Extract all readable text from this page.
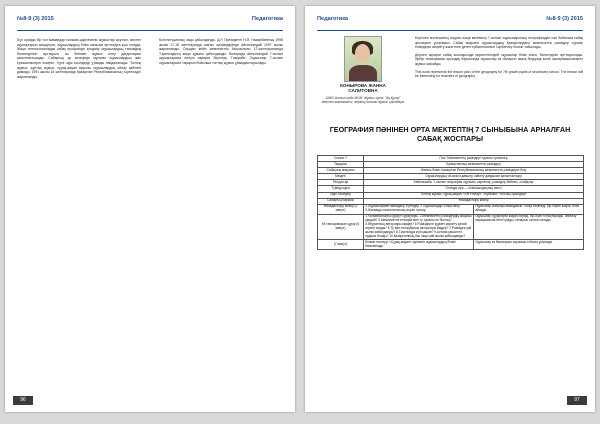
№8-9 (3) 2015	Педагогика
Бұл орайда бір топ мамандар ғылыми-әдістемелік жұмыстар жүргізіп, мектеп оқулықтарын жаңартуға, оқушылардың білім сапасын арттыруға күш салуда. Жаңа технологияларды сабақ процесінде қолдану оқушылардың танымдық белсенділігін арттырып, өз бетімен жұмыс істеу дағдыларын қалыптастырады. Сабақтың әр кезеңінде мұғалім оқушылардың жас ерекшеліктерін ескеріп, түрлі әдіс-тәсілдерді ұтымды пайдаланады. Топтық жұмыс, жұптық жұмыс, сұрақ-жауап арқылы оқушылардың ойлау қабілеті дамиды. 1991 жылы 16 желтоқсанда Қазақстан Республикасының тәуелсіздігі жарияланды.
Конституциялық заңы қабылданды. Д.Р. Президенті Н.Ә. Назарбаевтың 1998 жылы 17-18 желтоқсанда шағын шешімдерінде айтылғандай 1997 жылы жарияланды. Осыдан кейін мемлекеттік басшылығы 17-желтоқсанында Тәуелсіздіктің жаңа құжаты қабылданды. Жоғарыда айтылғандай 7-сынып оқушыларына елеулі ақпарат беріледі. Тәжірибе: Оқушылар 7-сынып оқушыларына тақырып бойынша топтық жұмыс ұйымдастырылады.
96
Педагогика	№8-9 (3) 2015
КОНЫРОВА ЖАННА САЛИТОВНА
ШЖО Алтын орда ЖОМ, Жұмыс орны: "Ақ Құлак" мектеп-гимназиясы, жерінің ғылыми жұмыс орындары

Берілген мәтінмәннің алдағы жаңа көлемінің 7-сынып оқушыларының географиядан пән бойынша сабақ жоспарын ұсынамыз. Сабақ мақсаты оқушылардың Қазақстандағы мемлекеттік рәміздер туралы білімдерін кеңейту және елге деген сүйіспеншілікті тәрбиелеу болып табылады.

Деректі ақпарат сабақ жоспарында көрсетілгендей оқушылар білім алып, белсенділігі арттырылады. Әрбір тапсырманы орындау барысында оқушылар өз ойларын ашық білдіреді және шығармашылықпен жұмыс жасайды.

This work represents the lesson plan of the geography for 7th grade pupils of secondary school. The lesson will be interesting for teachers of geography.

ГЕОГРАФИЯ ПӘНІНЕН ОРТА МЕКТЕПТІҢ 7 СЫНЫБЫНА АРНАЛҒАН САБАҚ ЖОСПАРЫ
Сынып 7	Пән: Мемлекеттің рәміздері туралы түсініктер	
Тақырып	Қазақстанның мемлекеттік рәміздері	
Сабақтың мақсаты	Жалпы білім: Қазақстан Республикасының мемлекеттік рәміздерін білу	
Міндеті	Оқушылардың ой-өрісін дамыту, сөйлеу дағдысын қалыптастыру	
Ресурстар	Бейнежазба: 7-сынып география оқулығы, карталар, рәміздер бейнесі, слайдтар	
Түйінді идея	Отанды сүю — отаншылдықтың негізі	
Әдіс-тәсілдер	Топтық жұмыс, сұрақ-жауап, «Ой толғау», «Кубизм», «Ыстық орындық»	
Сабақтың барысы	Ұйымдастыру кезеңі	
Ұйымдастыру кезеңі (2 минут)	1.Оқушылармен амандасу, түгендеу. 2.Оқушыларды топқа бөлу. 3.Жағымды психологиялық ахуал туғызу.	Оқушылар сыныпқа амандасып, топқа бөлінеді, бір-біріне жақсы тілек айтады.
Үй тапсырмасын сұрау (6 минут)	1.«Алматылықты сұрау» сұрақтары. 2.Мемлекеттік рәміздердің маңызы қандай? 3.Мемлекеттік елтаңба мен ту туралы не білесің? 4.Әнұранның авторлары кімдер? 5.Рәміздерге құрмет көрсету қалай жүзеге асады? 6.Ту мен елтаңбаның авторлары кімдер? 7.Рәміздер қай жылы қабылданды? 8.Тәуелсіздік күні қашан? 9.Астана қашан ел ордасы болды? 10.Қазақстанның бас заңы қай жылы қабылданды?	Оқушылар сұрақтарға жауап береді, бір-бірін толықтырады, бағалау парақшасына белгі қояды, ойларын ортаға салады.
(7 минут)	Білімін тексеру: «Сұрақ-жауап» әдісімен оқушылардың білімі бағаланады.	Оқушылар өз бағаларын сарапшы тобына ұсынады.
97
